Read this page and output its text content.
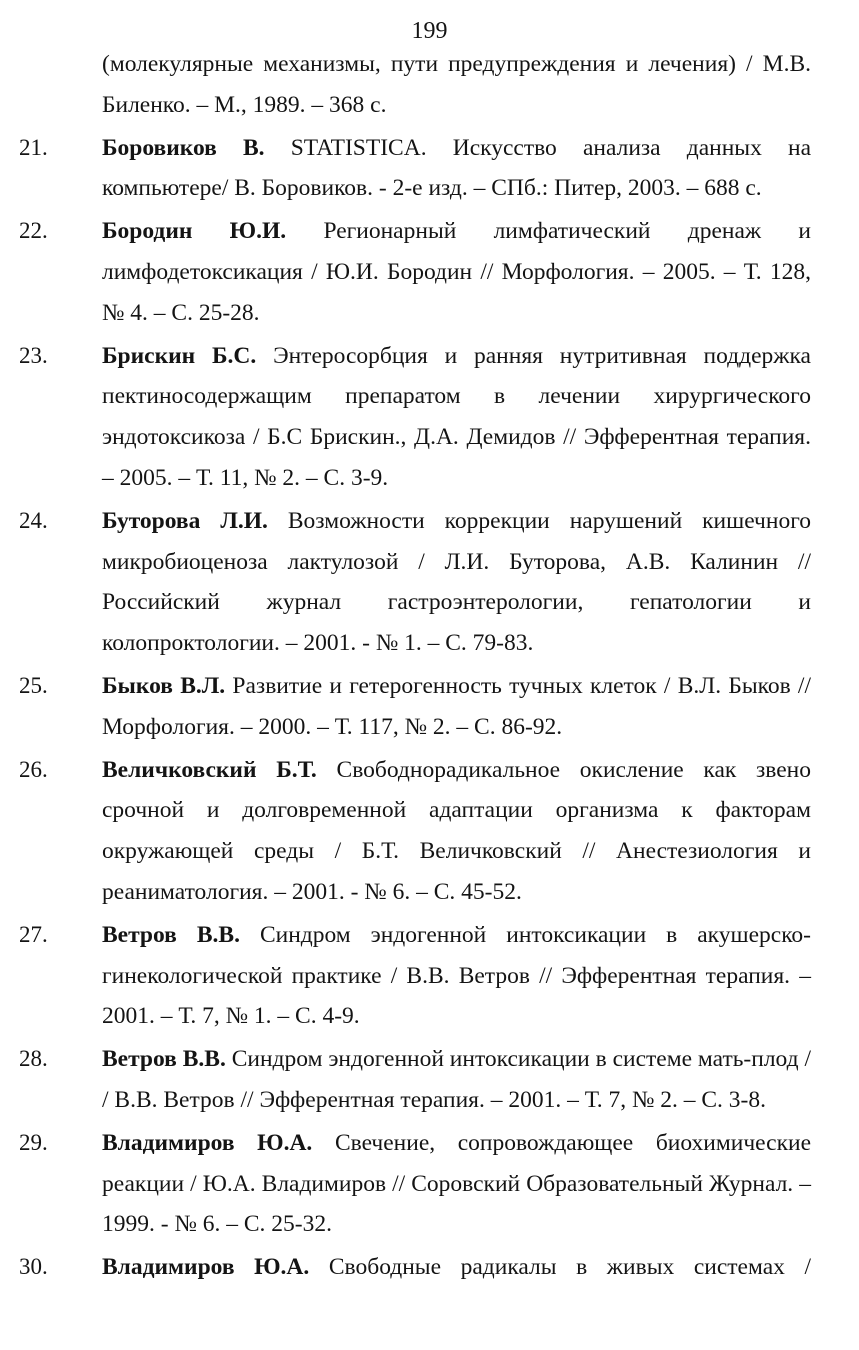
199
(молекулярные механизмы, пути предупреждения и лечения) / М.В. Биленко. – М., 1989. – 368 с.
21. Боровиков В. STATISTICA. Искусство анализа данных на компьютере/ В. Боровиков. - 2-е изд. – СПб.: Питер, 2003. – 688 с.
22. Бородин Ю.И. Регионарный лимфатический дренаж и лимфодетоксикация / Ю.И. Бородин // Морфология. – 2005. – Т. 128, № 4. – С. 25-28.
23. Брискин Б.С. Энтеросорбция и ранняя нутритивная поддержка пектиносодержащим препаратом в лечении хирургического эндотоксикоза / Б.С Брискин., Д.А. Демидов // Эфферентная терапия. – 2005. – Т. 11, № 2. – С. 3-9.
24. Буторова Л.И. Возможности коррекции нарушений кишечного микробиоценоза лактулозой / Л.И. Буторова, А.В. Калинин // Российский журнал гастроэнтерологии, гепатологии и колопроктологии. – 2001. - № 1. – С. 79-83.
25. Быков В.Л. Развитие и гетерогенность тучных клеток / В.Л. Быков // Морфология. – 2000. – Т. 117, № 2. – С. 86-92.
26. Величковский Б.Т. Свободнорадикальное окисление как звено срочной и долговременной адаптации организма к факторам окружающей среды / Б.Т. Величковский // Анестезиология и реаниматология. – 2001. - № 6. – С. 45-52.
27. Ветров В.В. Синдром эндогенной интоксикации в акушерско-гинекологической практике / В.В. Ветров // Эфферентная терапия. – 2001. – Т. 7, № 1. – С. 4-9.
28. Ветров В.В. Синдром эндогенной интоксикации в системе мать-плод / / В.В. Ветров // Эфферентная терапия. – 2001. – Т. 7, № 2. – С. 3-8.
29. Владимиров Ю.А. Свечение, сопровождающее биохимические реакции / Ю.А. Владимиров // Соровский Образовательный Журнал. – 1999. - № 6. – С. 25-32.
30. Владимиров Ю.А. Свободные радикалы в живых системах /
